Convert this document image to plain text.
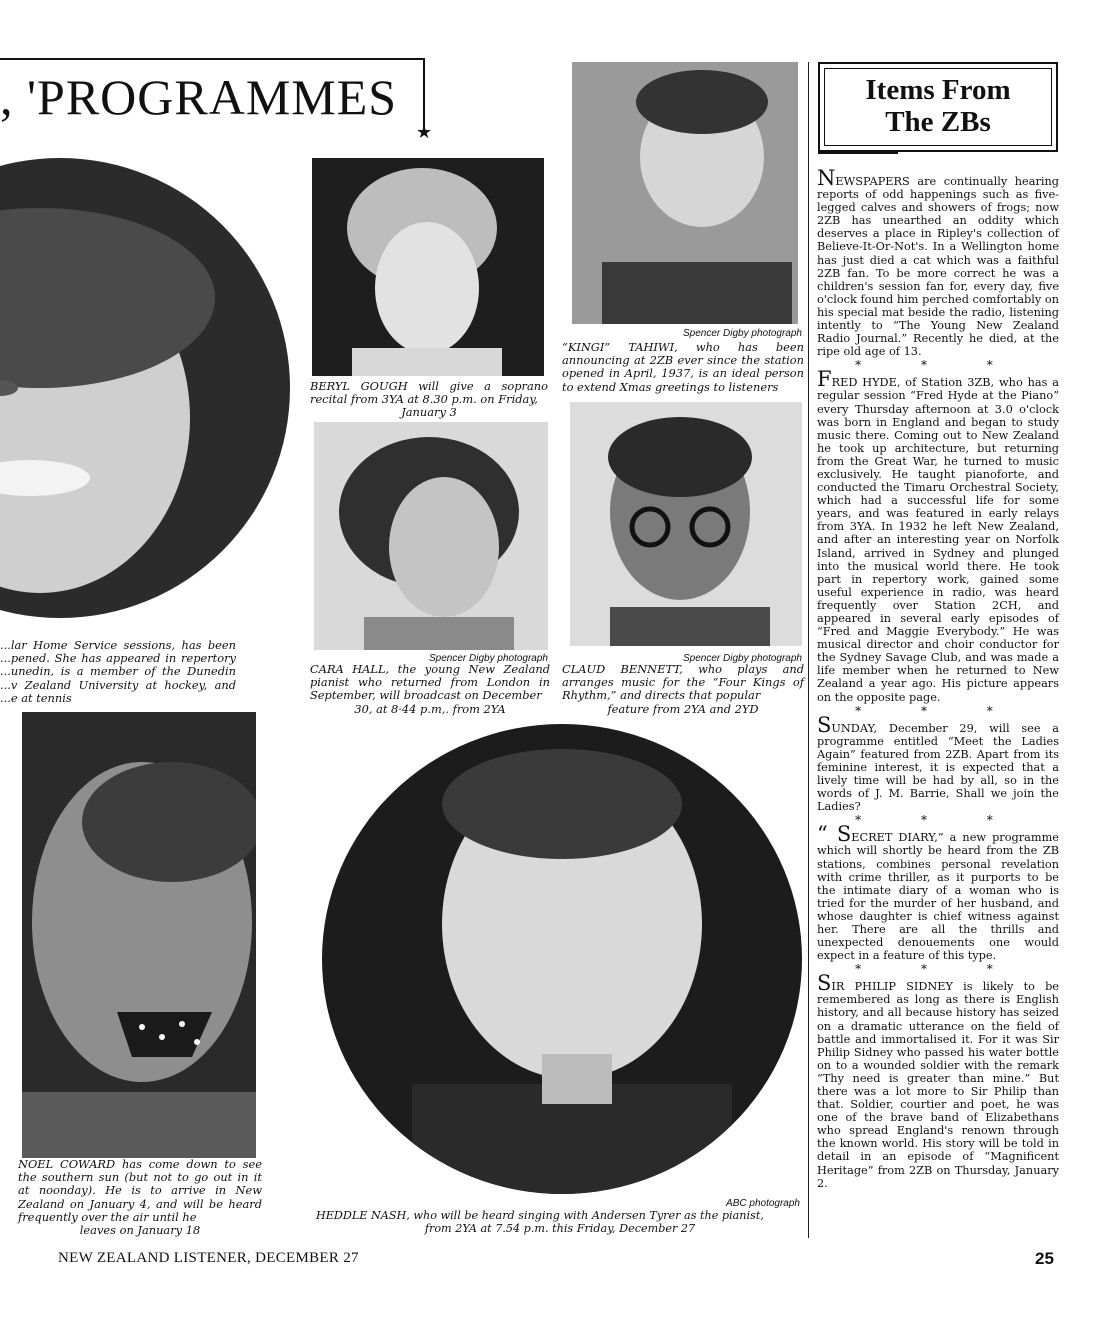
, 'PROGRAMMES
★
...lar Home Service sessions, has been ...pened. She has appeared in repertory ...unedin, is a member of the Dunedin ...v Zealand University at hockey, and ...e at tennis
BERYL GOUGH will give a soprano recital from 3YA at 8.30 p.m. on Friday,
January 3
Spencer Digby photograph
“KINGI” TAHIWI, who has been announcing at 2ZB ever since the station opened in April, 1937, is an ideal person to extend Xmas greetings to listeners
Spencer Digby photograph
CARA HALL, the young New Zealand pianist who returned from London in September, will broadcast on December
30, at 8·44 p.m,. from 2YA
Spencer Digby photograph
CLAUD BENNETT, who plays and arranges music for the “Four Kings of Rhythm,” and directs that popular
feature from 2YA and 2YD
NOEL COWARD has come down to see the southern sun (but not to go out in it at noonday). He is to arrive in New Zealand on January 4, and will be heard frequently over the air until he
leaves on January 18
ABC photograph
HEDDLE NASH, who will be heard singing with Andersen Tyrer as the pianist,
from 2YA at 7.54 p.m. this Friday, December 27
Items From
The ZBs

NEWSPAPERS are continually hearing reports of odd happenings such as five-legged calves and showers of frogs; now 2ZB has unearthed an oddity which deserves a place in Ripley's collection of Believe-It-Or-Not's. In a Wellington home has just died a cat which was a faithful 2ZB fan. To be more correct he was a children's session fan for, every day, five o'clock found him perched comfortably on his special mat beside the radio, listening intently to “The Young New Zealand Radio Journal.” Recently he died, at the ripe old age of 13.

* * *

FRED HYDE, of Station 3ZB, who has a regular session “Fred Hyde at the Piano” every Thursday afternoon at 3.0 o'clock was born in England and began to study music there. Coming out to New Zealand he took up architecture, but returning from the Great War, he turned to music exclusively. He taught pianoforte, and conducted the Timaru Orchestral Society, which had a successful life for some years, and was featured in early relays from 3YA. In 1932 he left New Zealand, and after an interesting year on Norfolk Island, arrived in Sydney and plunged into the musical world there. He took part in repertory work, gained some useful experience in radio, was heard frequently over Station 2CH, and appeared in several early episodes of “Fred and Maggie Everybody.” He was musical director and choir conductor for the Sydney Savage Club, and was made a life member when he returned to New Zealand a year ago. His picture appears on the opposite page.

* * *

SUNDAY, December 29, will see a programme entitled “Meet the Ladies Again” featured from 2ZB. Apart from its feminine interest, it is expected that a lively time will be had by all, so in the words of J. M. Barrie, Shall we join the Ladies?

* * *

“ SECRET DIARY,” a new programme which will shortly be heard from the ZB stations, combines personal revelation with crime thriller, as it purports to be the intimate diary of a woman who is tried for the murder of her husband, and whose daughter is chief witness against her. There are all the thrills and unexpected denouements one would expect in a feature of this type.

* * *

SIR PHILIP SIDNEY is likely to be remembered as long as there is English history, and all because history has seized on a dramatic utterance on the field of battle and immortalised it. For it was Sir Philip Sidney who passed his water bottle on to a wounded soldier with the remark “Thy need is greater than mine.” But there was a lot more to Sir Philip than that. Soldier, courtier and poet, he was one of the brave band of Elizabethans who spread England's renown through the known world. His story will be told in detail in an episode of “Magnificent Heritage” from 2ZB on Thursday, January 2.

NEW ZEALAND LISTENER, DECEMBER 27	25
